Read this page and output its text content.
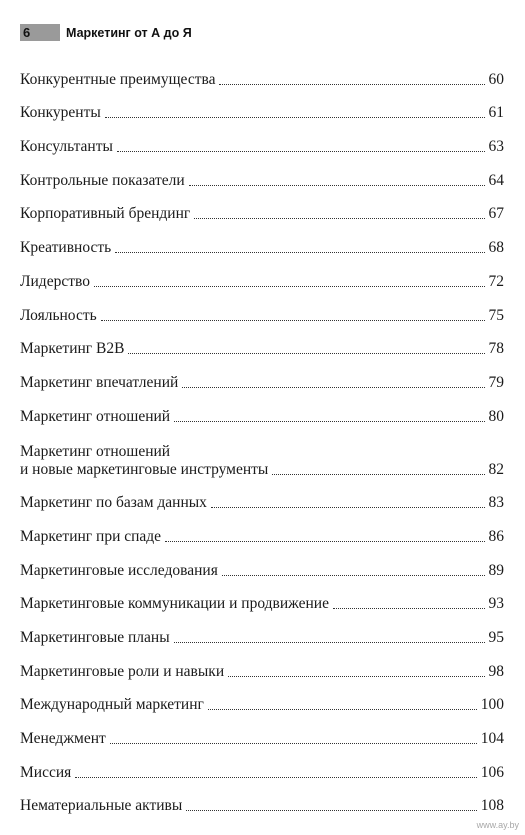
6	Маркетинг от А до Я
Конкурентные преимущества	60
Конкуренты	61
Консультанты	63
Контрольные показатели	64
Корпоративный брендинг	67
Креативность	68
Лидерство	72
Лояльность	75
Маркетинг B2B	78
Маркетинг впечатлений	79
Маркетинг отношений	80
Маркетинг отношений
и новые маркетинговые инструменты	82
Маркетинг по базам данных	83
Маркетинг при спаде	86
Маркетинговые исследования	89
Маркетинговые коммуникации и продвижение	93
Маркетинговые планы	95
Маркетинговые роли и навыки	98
Международный маркетинг	100
Менеджмент	104
Миссия	106
Нематериальные активы	108
www.ay.by
